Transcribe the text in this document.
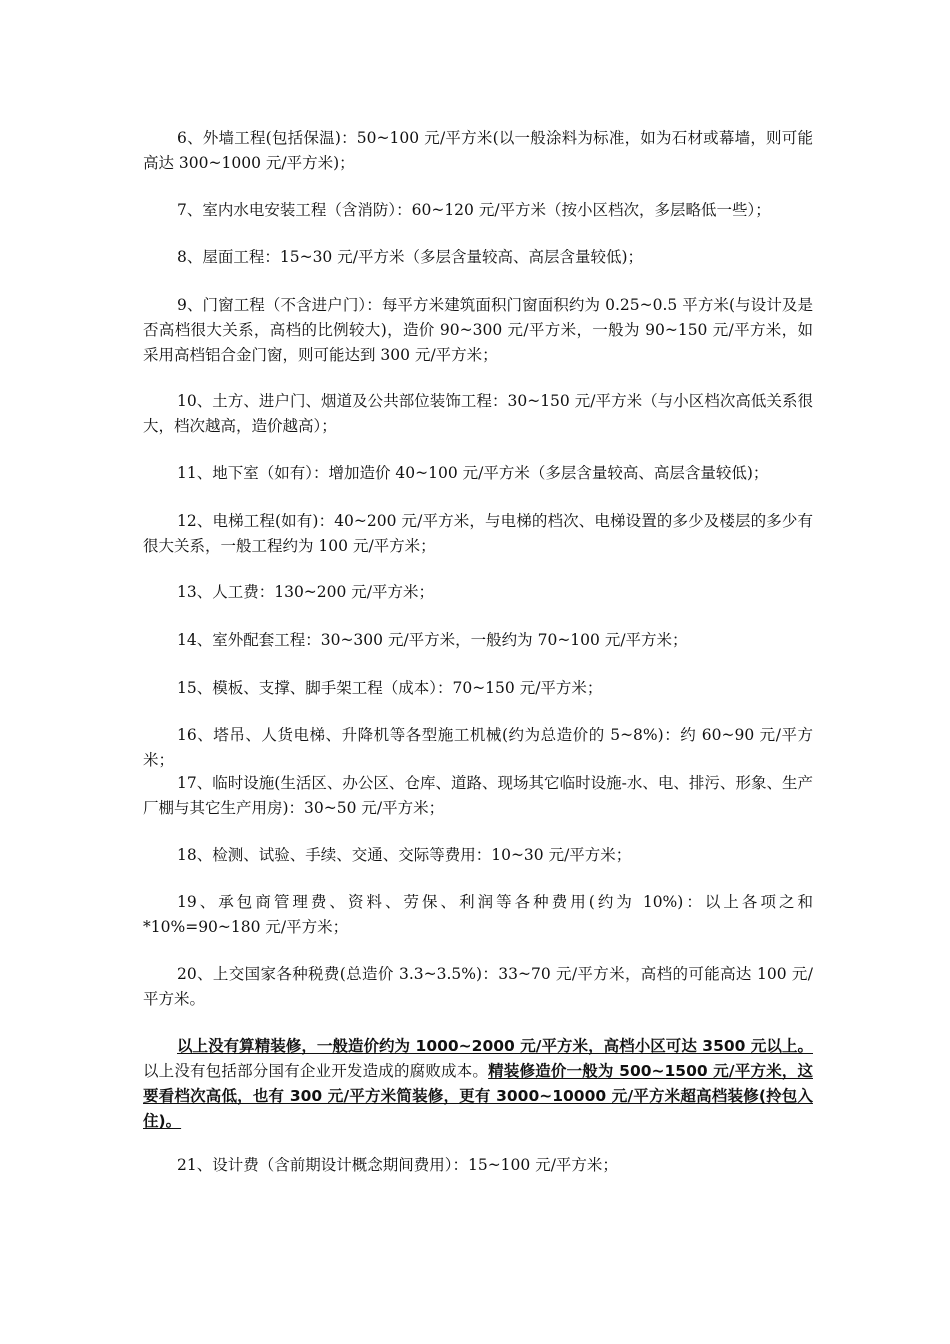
6、外墙工程(包括保温)：50~100 元/平方米(以一般涂料为标准，如为石材或幕墙，则可能高达 300~1000 元/平方米)；

7、室内水电安装工程（含消防）：60~120 元/平方米（按小区档次，多层略低一些）；

8、屋面工程：15~30 元/平方米（多层含量较高、高层含量较低)；

9、门窗工程（不含进户门）：每平方米建筑面积门窗面积约为 0.25~0.5 平方米(与设计及是否高档很大关系，高档的比例较大)，造价 90~300 元/平方米，一般为 90~150 元/平方米，如采用高档铝合金门窗，则可能达到 300 元/平方米；

10、土方、进户门、烟道及公共部位装饰工程：30~150 元/平方米（与小区档次高低关系很大，档次越高，造价越高）；

11、地下室（如有）：增加造价 40~100 元/平方米（多层含量较高、高层含量较低)；

12、电梯工程(如有)：40~200 元/平方米，与电梯的档次、电梯设置的多少及楼层的多少有很大关系，一般工程约为 100 元/平方米；

13、人工费：130~200 元/平方米；

14、室外配套工程：30~300 元/平方米，一般约为 70~100 元/平方米；

15、模板、支撑、脚手架工程（成本）：70~150 元/平方米；

16、塔吊、人货电梯、升降机等各型施工机械(约为总造价的 5~8%)：约 60~90 元/平方米；

17、临时设施(生活区、办公区、仓库、道路、现场其它临时设施-水、电、排污、形象、生产厂棚与其它生产用房)：30~50 元/平方米；

18、检测、试验、手续、交通、交际等费用：10~30 元/平方米；

19、承包商管理费、资料、劳保、利润等各种费用(约为 10%)：以上各项之和*10%=90~180 元/平方米；

20、上交国家各种税费(总造价 3.3~3.5%)：33~70 元/平方米，高档的可能高达 100 元/平方米。

以上没有算精装修，一般造价约为 1000~2000 元/平方米，高档小区可达 3500 元以上。以上没有包括部分国有企业开发造成的腐败成本。精装修造价一般为 500~1500 元/平方米，这要看档次高低，也有 300 元/平方米简装修，更有 3000~10000 元/平方米超高档装修(拎包入住)。

21、设计费（含前期设计概念期间费用）：15~100 元/平方米；
